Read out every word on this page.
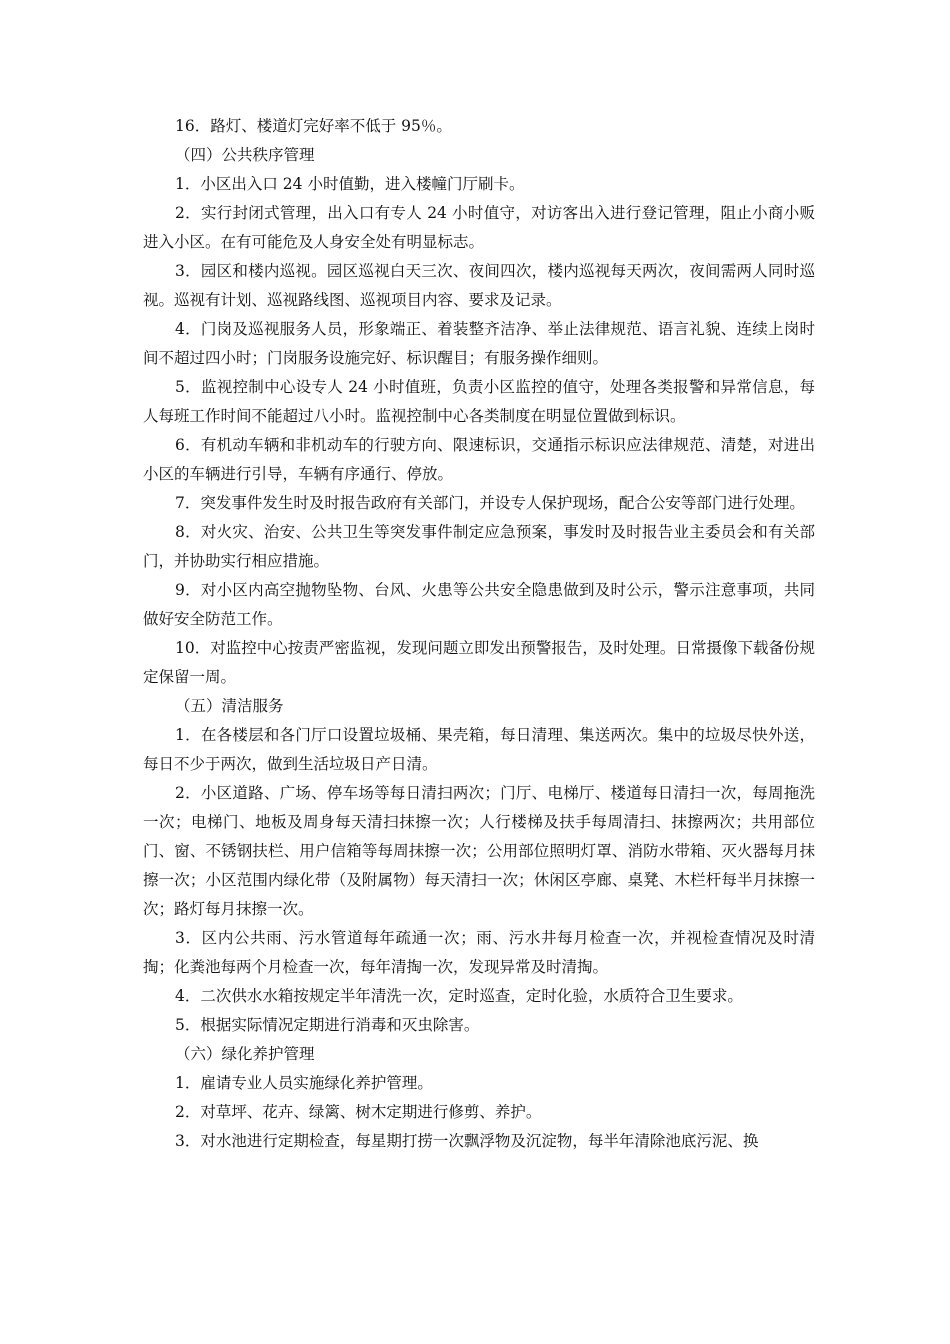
16．路灯、楼道灯完好率不低于 95％。

（四）公共秩序管理

1．小区出入口 24 小时值勤，进入楼幢门厅刷卡。

2．实行封闭式管理，出入口有专人 24 小时值守，对访客出入进行登记管理，阻止小商小贩进入小区。在有可能危及人身安全处有明显标志。

3．园区和楼内巡视。园区巡视白天三次、夜间四次，楼内巡视每天两次，夜间需两人同时巡视。巡视有计划、巡视路线图、巡视项目内容、要求及记录。

4．门岗及巡视服务人员，形象端正、着装整齐洁净、举止法律规范、语言礼貌、连续上岗时间不超过四小时；门岗服务设施完好、标识醒目；有服务操作细则。

5．监视控制中心设专人 24 小时值班，负责小区监控的值守，处理各类报警和异常信息，每人每班工作时间不能超过八小时。监视控制中心各类制度在明显位置做到标识。

6．有机动车辆和非机动车的行驶方向、限速标识，交通指示标识应法律规范、清楚，对进出小区的车辆进行引导，车辆有序通行、停放。

7．突发事件发生时及时报告政府有关部门，并设专人保护现场，配合公安等部门进行处理。

8．对火灾、治安、公共卫生等突发事件制定应急预案，事发时及时报告业主委员会和有关部门，并协助实行相应措施。

9．对小区内高空抛物坠物、台风、火患等公共安全隐患做到及时公示，警示注意事项，共同做好安全防范工作。

10．对监控中心按责严密监视，发现问题立即发出预警报告，及时处理。日常摄像下载备份规定保留一周。

（五）清洁服务

1．在各楼层和各门厅口设置垃圾桶、果壳箱，每日清理、集送两次。集中的垃圾尽快外送，每日不少于两次，做到生活垃圾日产日清。

2．小区道路、广场、停车场等每日清扫两次；门厅、电梯厅、楼道每日清扫一次，每周拖洗一次；电梯门、地板及周身每天清扫抹擦一次；人行楼梯及扶手每周清扫、抹擦两次；共用部位门、窗、不锈钢扶栏、用户信箱等每周抹擦一次；公用部位照明灯罩、消防水带箱、灭火器每月抹擦一次；小区范围内绿化带（及附属物）每天清扫一次；休闲区亭廊、桌凳、木栏杆每半月抹擦一次；路灯每月抹擦一次。

3．区内公共雨、污水管道每年疏通一次；雨、污水井每月检查一次，并视检查情况及时清掏；化粪池每两个月检查一次，每年清掏一次，发现异常及时清掏。

4．二次供水水箱按规定半年清洗一次，定时巡查，定时化验，水质符合卫生要求。

5．根据实际情况定期进行消毒和灭虫除害。

（六）绿化养护管理

1．雇请专业人员实施绿化养护管理。

2．对草坪、花卉、绿篱、树木定期进行修剪、养护。

3．对水池进行定期检查，每星期打捞一次飘浮物及沉淀物，每半年清除池底污泥、换
